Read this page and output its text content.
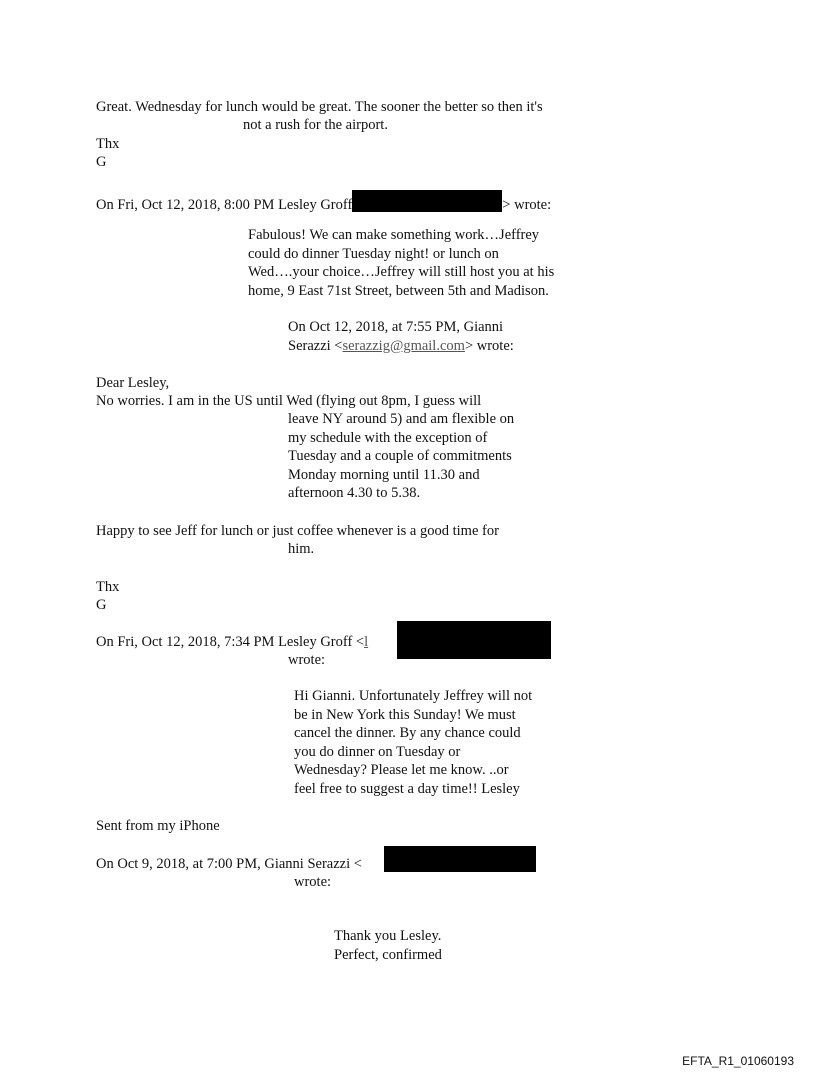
Great. Wednesday for lunch would be great. The sooner the better so then it's
not a rush for the airport.
Thx
G
On Fri, Oct 12, 2018, 8:00 PM Lesley Groff	> wrote:
Fabulous! We can make something work…Jeffrey
could do dinner Tuesday night! or lunch on
Wed….your choice…Jeffrey will still host you at his
home, 9 East 71st Street, between 5th and Madison.
On Oct 12, 2018, at 7:55 PM, Gianni
Serazzi <serazzig@gmail.com> wrote:
Dear Lesley,
No worries. I am in the US until Wed (flying out 8pm, I guess will
leave NY around 5) and am flexible on
my schedule with the exception of
Tuesday and a couple of commitments
Monday morning until 11.30 and
afternoon 4.30 to 5.38.
Happy to see Jeff for lunch or just coffee whenever is a good time for
him.
Thx
G
On Fri, Oct 12, 2018, 7:34 PM Lesley Groff <l
wrote:
Hi Gianni. Unfortunately Jeffrey will not
be in New York this Sunday! We must
cancel the dinner. By any chance could
you do dinner on Tuesday or
Wednesday? Please let me know. ..or
feel free to suggest a day time!! Lesley
Sent from my iPhone
On Oct 9, 2018, at 7:00 PM, Gianni Serazzi <
wrote:
Thank you Lesley.
Perfect, confirmed
EFTA_R1_01060193
